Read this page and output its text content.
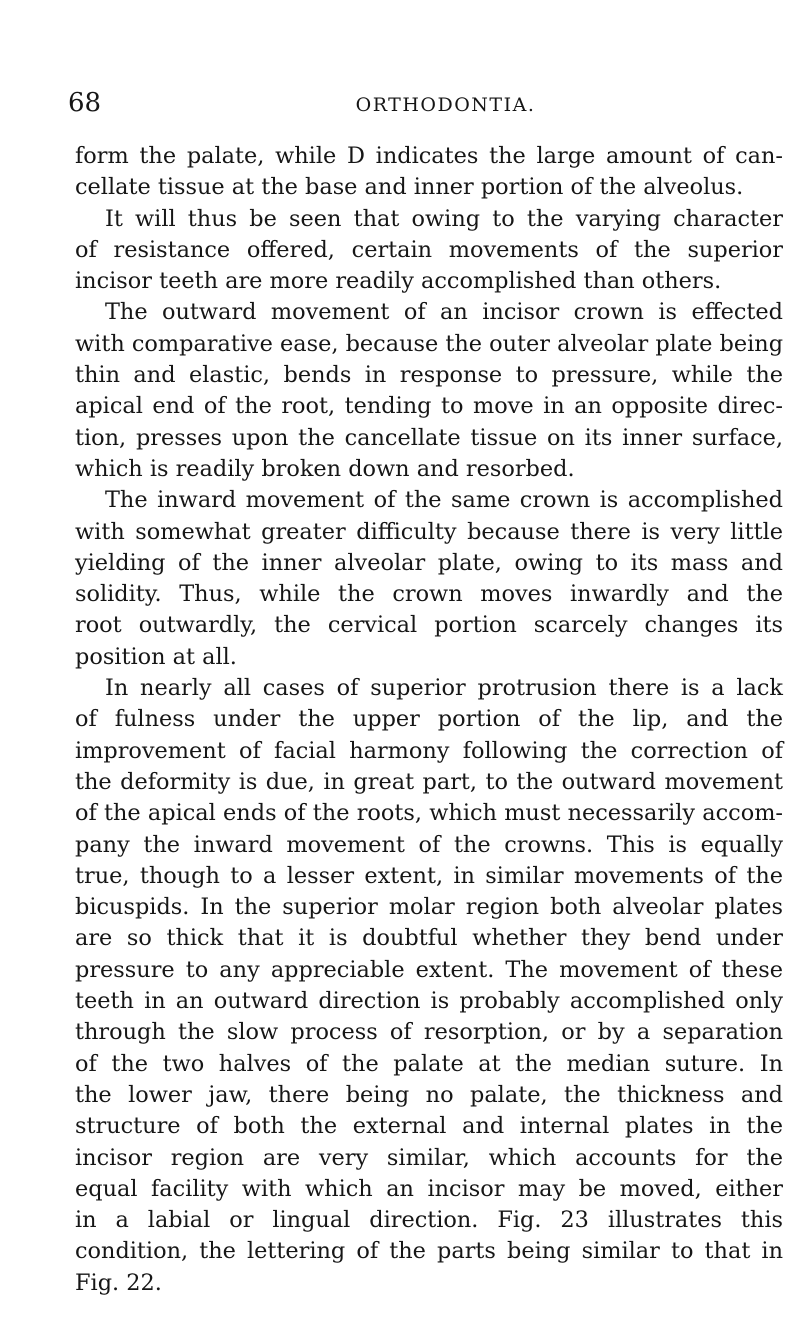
68	ORTHODONTIA.
form the palate, while D indicates the large amount of can-
cellate tissue at the base and inner portion of the alveolus.
It will thus be seen that owing to the varying character
of resistance offered, certain movements of the superior
incisor teeth are more readily accomplished than others.
The outward movement of an incisor crown is effected
with comparative ease, because the outer alveolar plate being
thin and elastic, bends in response to pressure, while the
apical end of the root, tending to move in an opposite direc-
tion, presses upon the cancellate tissue on its inner surface,
which is readily broken down and resorbed.
The inward movement of the same crown is accomplished
with somewhat greater difficulty because there is very little
yielding of the inner alveolar plate, owing to its mass and
solidity. Thus, while the crown moves inwardly and the
root outwardly, the cervical portion scarcely changes its
position at all.
In nearly all cases of superior protrusion there is a lack
of fulness under the upper portion of the lip, and the
improvement of facial harmony following the correction of
the deformity is due, in great part, to the outward movement
of the apical ends of the roots, which must necessarily accom-
pany the inward movement of the crowns. This is equally
true, though to a lesser extent, in similar movements of the
bicuspids. In the superior molar region both alveolar plates
are so thick that it is doubtful whether they bend under
pressure to any appreciable extent. The movement of these
teeth in an outward direction is probably accomplished only
through the slow process of resorption, or by a separation
of the two halves of the palate at the median suture. In
the lower jaw, there being no palate, the thickness and
structure of both the external and internal plates in the
incisor region are very similar, which accounts for the
equal facility with which an incisor may be moved, either
in a labial or lingual direction. Fig. 23 illustrates this
condition, the lettering of the parts being similar to that in
Fig. 22.
